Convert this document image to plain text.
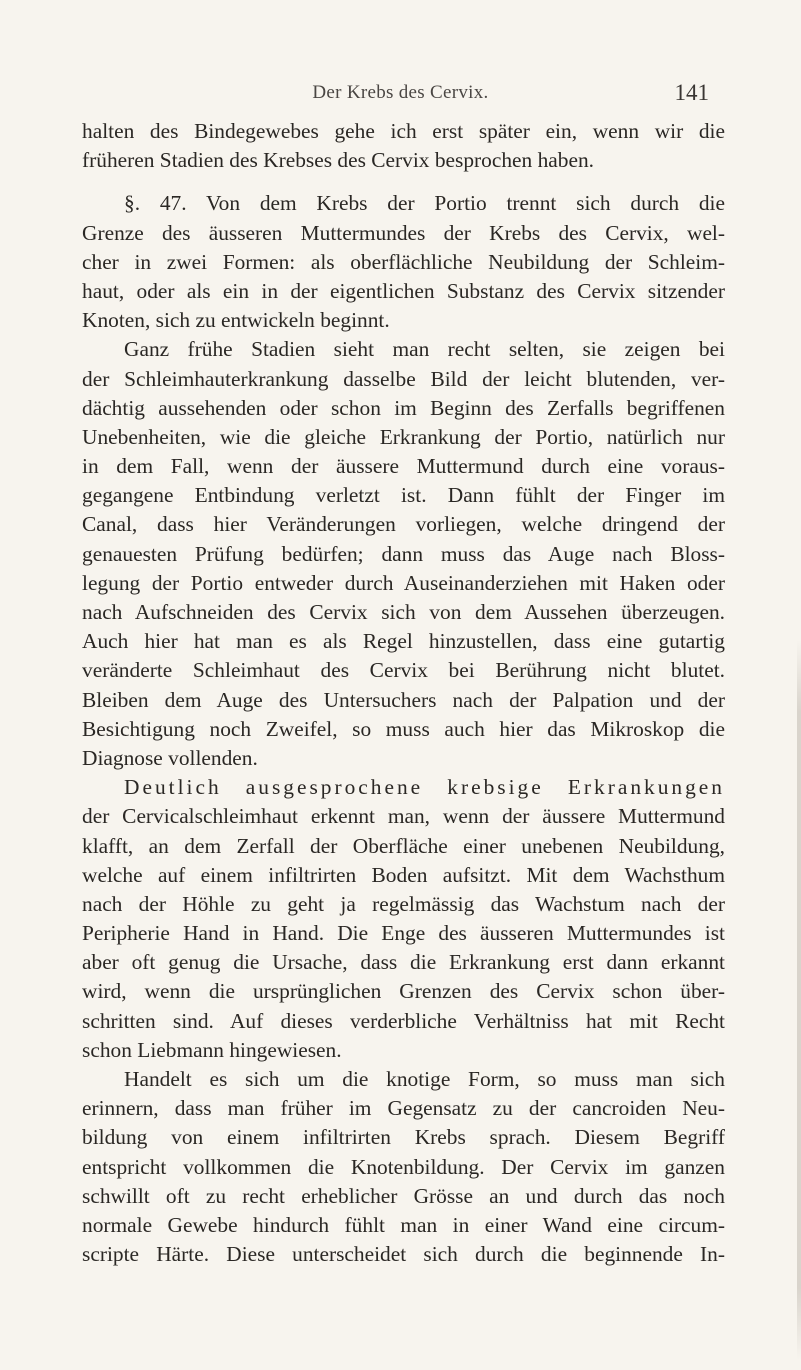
Der Krebs des Cervix.	141
halten des Bindegewebes gehe ich erst später ein, wenn wir die
früheren Stadien des Krebses des Cervix besprochen haben.
§. 47. Von dem Krebs der Portio trennt sich durch die
Grenze des äusseren Muttermundes der Krebs des Cervix, wel-
cher in zwei Formen: als oberflächliche Neubildung der Schleim-
haut, oder als ein in der eigentlichen Substanz des Cervix sitzender
Knoten, sich zu entwickeln beginnt.
Ganz frühe Stadien sieht man recht selten, sie zeigen bei
der Schleimhauterkrankung dasselbe Bild der leicht blutenden, ver-
dächtig aussehenden oder schon im Beginn des Zerfalls begriffenen
Unebenheiten, wie die gleiche Erkrankung der Portio, natürlich nur
in dem Fall, wenn der äussere Muttermund durch eine voraus-
gegangene Entbindung verletzt ist. Dann fühlt der Finger im
Canal, dass hier Veränderungen vorliegen, welche dringend der
genauesten Prüfung bedürfen; dann muss das Auge nach Bloss-
legung der Portio entweder durch Auseinanderziehen mit Haken oder
nach Aufschneiden des Cervix sich von dem Aussehen überzeugen.
Auch hier hat man es als Regel hinzustellen, dass eine gutartig
veränderte Schleimhaut des Cervix bei Berührung nicht blutet.
Bleiben dem Auge des Untersuchers nach der Palpation und der
Besichtigung noch Zweifel, so muss auch hier das Mikroskop die
Diagnose vollenden.
Deutlich ausgesprochene krebsige Erkrankungen
der Cervicalschleimhaut erkennt man, wenn der äussere Muttermund
klafft, an dem Zerfall der Oberfläche einer unebenen Neubildung,
welche auf einem infiltrirten Boden aufsitzt. Mit dem Wachsthum
nach der Höhle zu geht ja regelmässig das Wachstum nach der
Peripherie Hand in Hand. Die Enge des äusseren Muttermundes ist
aber oft genug die Ursache, dass die Erkrankung erst dann erkannt
wird, wenn die ursprünglichen Grenzen des Cervix schon über-
schritten sind. Auf dieses verderbliche Verhältniss hat mit Recht
schon Liebmann hingewiesen.
Handelt es sich um die knotige Form, so muss man sich
erinnern, dass man früher im Gegensatz zu der cancroiden Neu-
bildung von einem infiltrirten Krebs sprach. Diesem Begriff
entspricht vollkommen die Knotenbildung. Der Cervix im ganzen
schwillt oft zu recht erheblicher Grösse an und durch das noch
normale Gewebe hindurch fühlt man in einer Wand eine circum-
scripte Härte. Diese unterscheidet sich durch die beginnende In-
